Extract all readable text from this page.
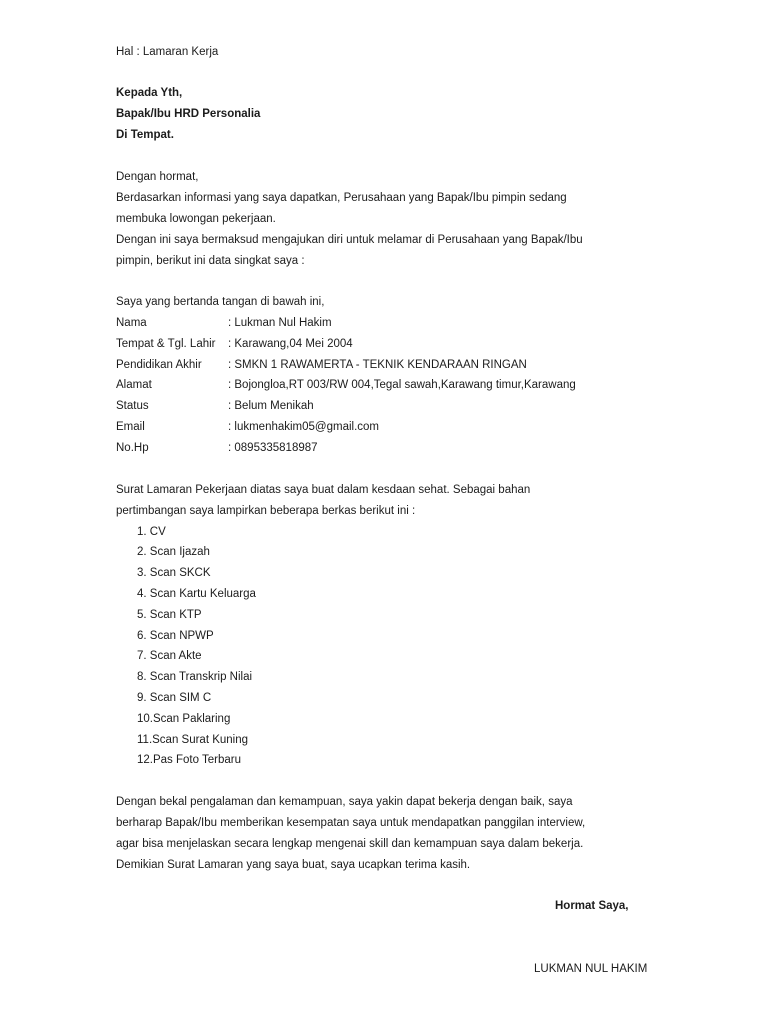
Hal : Lamaran Kerja
Kepada Yth,
Bapak/Ibu HRD Personalia
Di Tempat.
Dengan hormat,
Berdasarkan informasi yang saya dapatkan, Perusahaan yang Bapak/Ibu pimpin sedang
membuka lowongan pekerjaan.
Dengan ini saya bermaksud mengajukan diri untuk melamar di Perusahaan yang Bapak/Ibu
pimpin, berikut ini data singkat saya :
Saya yang bertanda tangan di bawah ini,
Nama	: Lukman Nul Hakim
Tempat & Tgl. Lahir : Karawang,04 Mei 2004
Pendidikan Akhir : SMKN 1 RAWAMERTA - TEKNIK KENDARAAN RINGAN
Alamat	: Bojongloa,RT 003/RW 004,Tegal sawah,Karawang timur,Karawang
Status	: Belum Menikah
Email	: lukmenhakim05@gmail.com
No.Hp	: 0895335818987
Surat Lamaran Pekerjaan diatas saya buat dalam kesdaan sehat. Sebagai bahan
pertimbangan saya lampirkan beberapa berkas berikut ini :
1. CV
2. Scan Ijazah
3. Scan SKCK
4. Scan Kartu Keluarga
5. Scan KTP
6. Scan NPWP
7. Scan Akte
8. Scan Transkrip Nilai
9. Scan SIM C
10.Scan Paklaring
11.Scan Surat Kuning
12.Pas Foto Terbaru
Dengan bekal pengalaman dan kemampuan, saya yakin dapat bekerja dengan baik, saya
berharap Bapak/Ibu memberikan kesempatan saya untuk mendapatkan panggilan interview,
agar bisa menjelaskan secara lengkap mengenai skill dan kemampuan saya dalam bekerja.
Demikian Surat Lamaran yang saya buat, saya ucapkan terima kasih.
Hormat Saya,
LUKMAN NUL HAKIM
